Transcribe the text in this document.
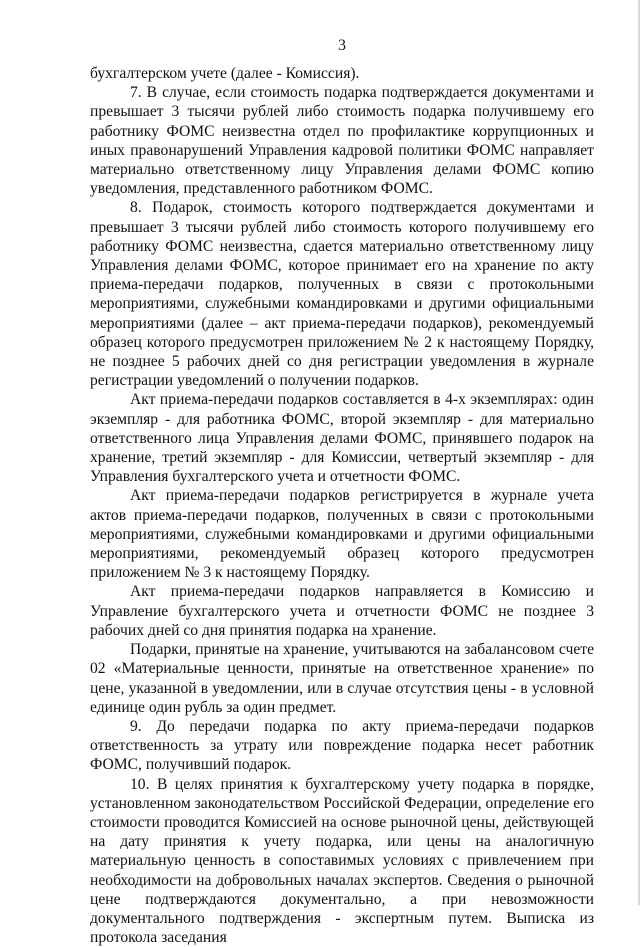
3

бухгалтерском учете (далее - Комиссия).

7. В случае, если стоимость подарка подтверждается документами и превышает 3 тысячи рублей либо стоимость подарка получившему его работнику ФОМС неизвестна отдел по профилактике коррупционных и иных правонарушений Управления кадровой политики ФОМС направляет материально ответственному лицу Управления делами ФОМС копию уведомления, представленного работником ФОМС.

8. Подарок, стоимость которого подтверждается документами и превышает 3 тысячи рублей либо стоимость которого получившему его работнику ФОМС неизвестна, сдается материально ответственному лицу Управления делами ФОМС, которое принимает его на хранение по акту приема-передачи подарков, полученных в связи с протокольными мероприятиями, служебными командировками и другими официальными мероприятиями (далее – акт приема-передачи подарков), рекомендуемый образец которого предусмотрен приложением № 2 к настоящему Порядку, не позднее 5 рабочих дней со дня регистрации уведомления в журнале регистрации уведомлений о получении подарков.

Акт приема-передачи подарков составляется в 4-х экземплярах: один экземпляр - для работника ФОМС, второй экземпляр - для материально ответственного лица Управления делами ФОМС, принявшего подарок на хранение, третий экземпляр - для Комиссии, четвертый экземпляр - для Управления бухгалтерского учета и отчетности ФОМС.

Акт приема-передачи подарков регистрируется в журнале учета актов приема-передачи подарков, полученных в связи с протокольными мероприятиями, служебными командировками и другими официальными мероприятиями, рекомендуемый образец которого предусмотрен приложением № 3 к настоящему Порядку.

Акт приема-передачи подарков направляется в Комиссию и Управление бухгалтерского учета и отчетности ФОМС не позднее 3 рабочих дней со дня принятия подарка на хранение.

Подарки, принятые на хранение, учитываются на забалансовом счете 02 «Материальные ценности, принятые на ответственное хранение» по цене, указанной в уведомлении, или в случае отсутствия цены - в условной единице один рубль за один предмет.

9. До передачи подарка по акту приема-передачи подарков ответственность за утрату или повреждение подарка несет работник ФОМС, получивший подарок.

10. В целях принятия к бухгалтерскому учету подарка в порядке, установленном законодательством Российской Федерации, определение его стоимости проводится Комиссией на основе рыночной цены, действующей на дату принятия к учету подарка, или цены на аналогичную материальную ценность в сопоставимых условиях с привлечением при необходимости на добровольных началах экспертов. Сведения о рыночной цене подтверждаются документально, а при невозможности документального подтверждения - экспертным путем. Выписка из протокола заседания
